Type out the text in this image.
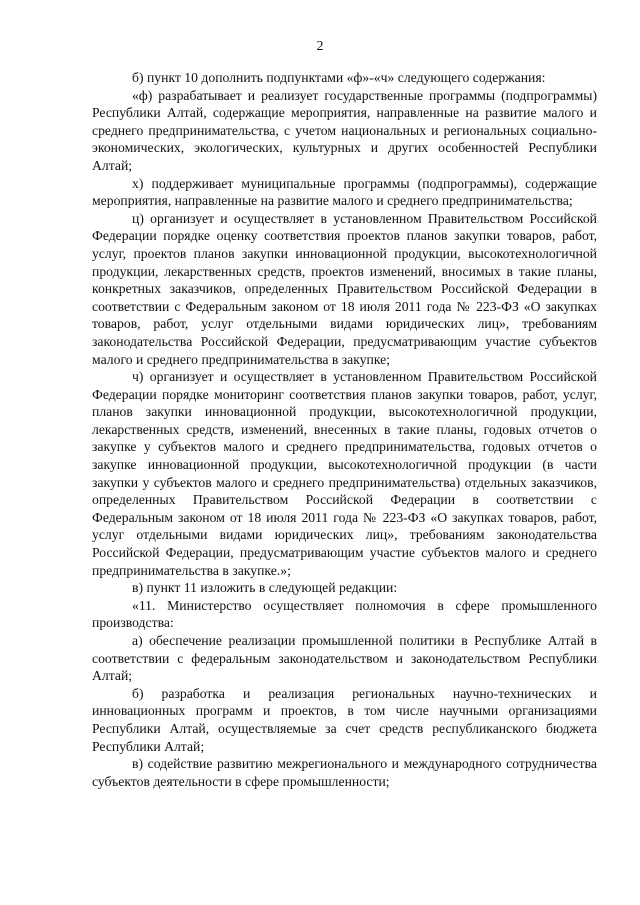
2

б) пункт 10 дополнить подпунктами «ф»-«ч» следующего содержания:

«ф) разрабатывает и реализует государственные программы (подпрограммы) Республики Алтай, содержащие мероприятия, направленные на развитие малого и среднего предпринимательства, с учетом национальных и региональных социально-экономических, экологических, культурных и других особенностей Республики Алтай;

х) поддерживает муниципальные программы (подпрограммы), содержащие мероприятия, направленные на развитие малого и среднего предпринимательства;

ц) организует и осуществляет в установленном Правительством Российской Федерации порядке оценку соответствия проектов планов закупки товаров, работ, услуг, проектов планов закупки инновационной продукции, высокотехнологичной продукции, лекарственных средств, проектов изменений, вносимых в такие планы, конкретных заказчиков, определенных Правительством Российской Федерации в соответствии с Федеральным законом от 18 июля 2011 года № 223-ФЗ «О закупках товаров, работ, услуг отдельными видами юридических лиц», требованиям законодательства Российской Федерации, предусматривающим участие субъектов малого и среднего предпринимательства в закупке;

ч) организует и осуществляет в установленном Правительством Российской Федерации порядке мониторинг соответствия планов закупки товаров, работ, услуг, планов закупки инновационной продукции, высокотехнологичной продукции, лекарственных средств, изменений, внесенных в такие планы, годовых отчетов о закупке у субъектов малого и среднего предпринимательства, годовых отчетов о закупке инновационной продукции, высокотехнологичной продукции (в части закупки у субъектов малого и среднего предпринимательства) отдельных заказчиков, определенных Правительством Российской Федерации в соответствии с Федеральным законом от 18 июля 2011 года № 223-ФЗ «О закупках товаров, работ, услуг отдельными видами юридических лиц», требованиям законодательства Российской Федерации, предусматривающим участие субъектов малого и среднего предпринимательства в закупке.»;

в) пункт 11 изложить в следующей редакции:

«11. Министерство осуществляет полномочия в сфере промышленного производства:

а) обеспечение реализации промышленной политики в Республике Алтай в соответствии с федеральным законодательством и законодательством Республики Алтай;

б) разработка и реализация региональных научно-технических и инновационных программ и проектов, в том числе научными организациями Республики Алтай, осуществляемые за счет средств республиканского бюджета Республики Алтай;

в) содействие развитию межрегионального и международного сотрудничества субъектов деятельности в сфере промышленности;
